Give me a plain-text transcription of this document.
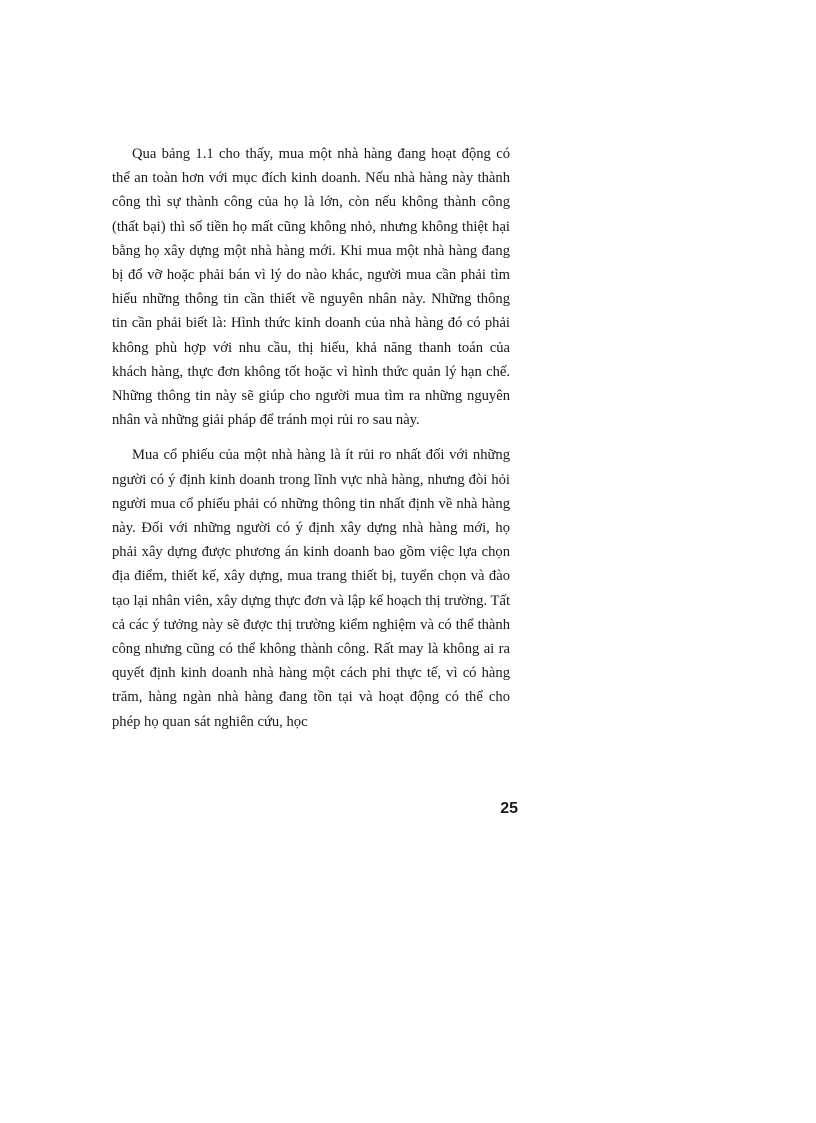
Qua bảng 1.1 cho thấy, mua một nhà hàng đang hoạt động có thể an toàn hơn với mục đích kinh doanh. Nếu nhà hàng này thành công thì sự thành công của họ là lớn, còn nếu không thành công (thất bại) thì số tiền họ mất cũng không nhỏ, nhưng không thiệt hại bằng họ xây dựng một nhà hàng mới. Khi mua một nhà hàng đang bị đổ vỡ hoặc phải bán vì lý do nào khác, người mua cần phải tìm hiểu những thông tin cần thiết về nguyên nhân này. Những thông tin cần phải biết là: Hình thức kinh doanh của nhà hàng đó có phải không phù hợp với nhu cầu, thị hiếu, khả năng thanh toán của khách hàng, thực đơn không tốt hoặc vì hình thức quản lý hạn chế. Những thông tin này sẽ giúp cho người mua tìm ra những nguyên nhân và những giải pháp để tránh mọi rủi ro sau này.

Mua cổ phiếu của một nhà hàng là ít rủi ro nhất đối với những người có ý định kinh doanh trong lĩnh vực nhà hàng, nhưng đòi hỏi người mua cổ phiếu phải có những thông tin nhất định về nhà hàng này. Đối với những người có ý định xây dựng nhà hàng mới, họ phải xây dựng được phương án kinh doanh bao gồm việc lựa chọn địa điểm, thiết kế, xây dựng, mua trang thiết bị, tuyển chọn và đào tạo lại nhân viên, xây dựng thực đơn và lập kế hoạch thị trường. Tất cả các ý tưởng này sẽ được thị trường kiểm nghiệm và có thể thành công nhưng cũng có thể không thành công. Rất may là không ai ra quyết định kinh doanh nhà hàng một cách phi thực tế, vì có hàng trăm, hàng ngàn nhà hàng đang tồn tại và hoạt động có thể cho phép họ quan sát nghiên cứu, học

25
